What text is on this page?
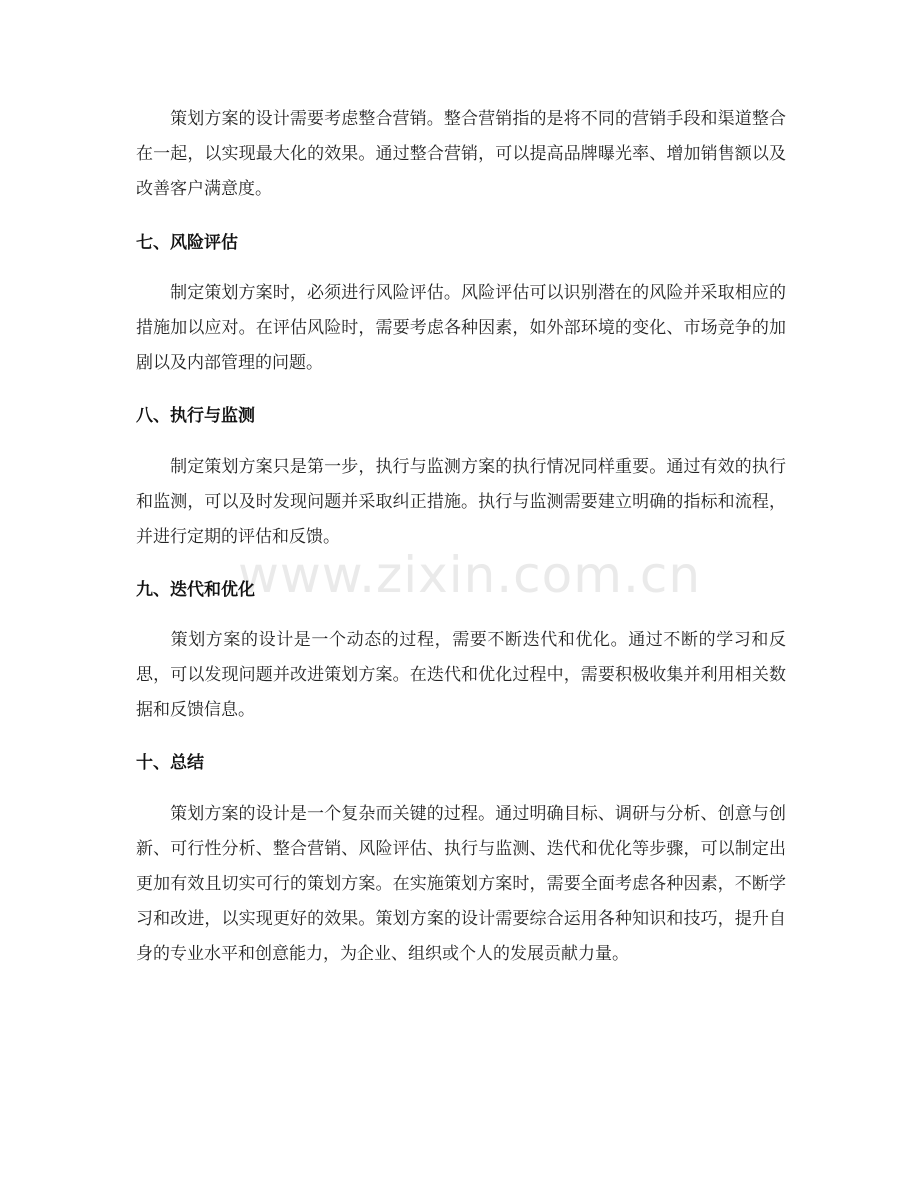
www.zixin.com.cn

策划方案的设计需要考虑整合营销。整合营销指的是将不同的营销手段和渠道整合在一起，以实现最大化的效果。通过整合营销，可以提高品牌曝光率、增加销售额以及改善客户满意度。

七、风险评估

制定策划方案时，必须进行风险评估。风险评估可以识别潜在的风险并采取相应的措施加以应对。在评估风险时，需要考虑各种因素，如外部环境的变化、市场竞争的加剧以及内部管理的问题。

八、执行与监测

制定策划方案只是第一步，执行与监测方案的执行情况同样重要。通过有效的执行和监测，可以及时发现问题并采取纠正措施。执行与监测需要建立明确的指标和流程，并进行定期的评估和反馈。

九、迭代和优化

策划方案的设计是一个动态的过程，需要不断迭代和优化。通过不断的学习和反思，可以发现问题并改进策划方案。在迭代和优化过程中，需要积极收集并利用相关数据和反馈信息。

十、总结

策划方案的设计是一个复杂而关键的过程。通过明确目标、调研与分析、创意与创新、可行性分析、整合营销、风险评估、执行与监测、迭代和优化等步骤，可以制定出更加有效且切实可行的策划方案。在实施策划方案时，需要全面考虑各种因素，不断学习和改进，以实现更好的效果。策划方案的设计需要综合运用各种知识和技巧，提升自身的专业水平和创意能力，为企业、组织或个人的发展贡献力量。
